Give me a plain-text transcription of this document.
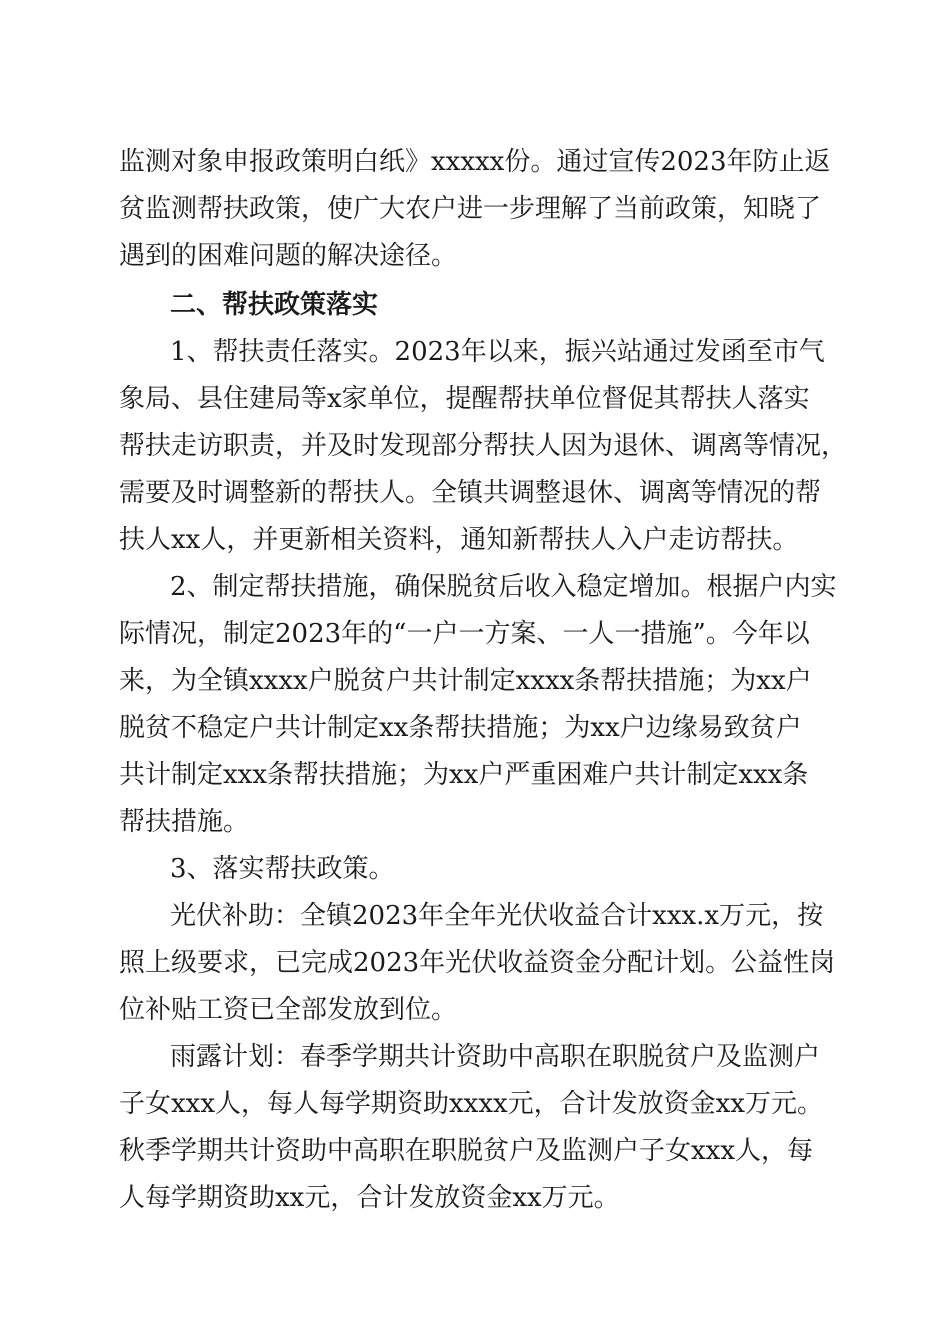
监测对象申报政策明白纸》xxxxx份。通过宣传2023年防止返
贫监测帮扶政策，使广大农户进一步理解了当前政策，知晓了
遇到的困难问题的解决途径。
二、帮扶政策落实
1、帮扶责任落实。2023年以来，振兴站通过发函至市气
象局、县住建局等x家单位，提醒帮扶单位督促其帮扶人落实
帮扶走访职责，并及时发现部分帮扶人因为退休、调离等情况，
需要及时调整新的帮扶人。全镇共调整退休、调离等情况的帮
扶人xx人，并更新相关资料，通知新帮扶人入户走访帮扶。
2、制定帮扶措施，确保脱贫后收入稳定增加。根据户内实
际情况，制定2023年的“一户一方案、一人一措施”。今年以
来，为全镇xxxx户脱贫户共计制定xxxx条帮扶措施；为xx户
脱贫不稳定户共计制定xx条帮扶措施；为xx户边缘易致贫户
共计制定xxx条帮扶措施；为xx户严重困难户共计制定xxx条
帮扶措施。
3、落实帮扶政策。
光伏补助：全镇2023年全年光伏收益合计xxx.x万元，按
照上级要求，已完成2023年光伏收益资金分配计划。公益性岗
位补贴工资已全部发放到位。
雨露计划：春季学期共计资助中高职在职脱贫户及监测户
子女xxx人，每人每学期资助xxxx元，合计发放资金xx万元。
秋季学期共计资助中高职在职脱贫户及监测户子女xxx人，每
人每学期资助xx元，合计发放资金xx万元。
